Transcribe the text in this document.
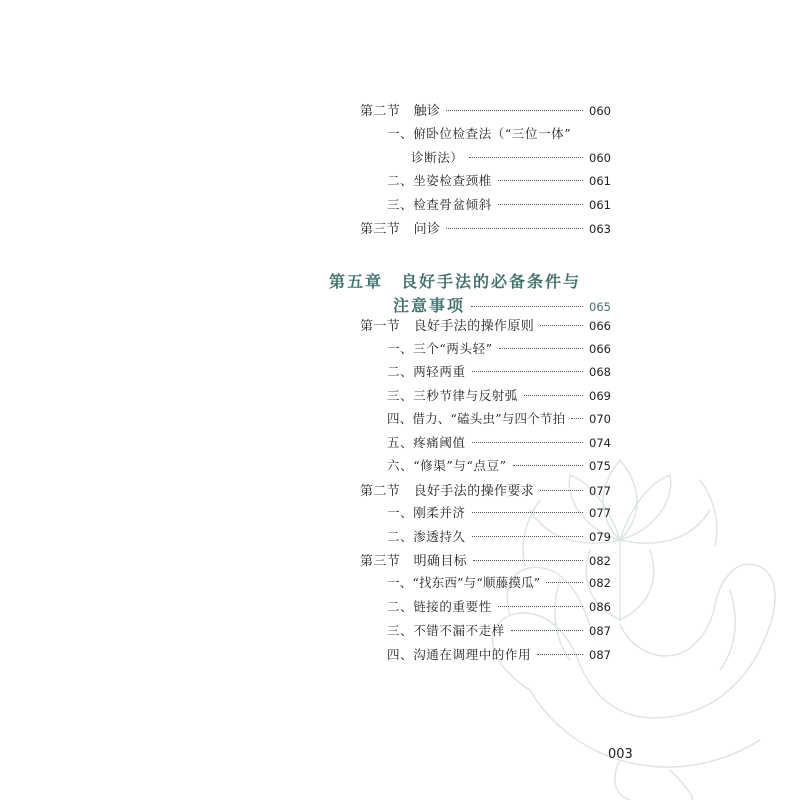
第二节　触诊	060
一、俯卧位检查法（“三位一体”
诊断法）	060
二、坐姿检查颈椎	061
三、检查骨盆倾斜	061
第三节　问诊	063
第五章　良好手法的必备条件与
注意事项	065
第一节　良好手法的操作原则	066
一、三个“两头轻”	066
二、两轻两重	068
三、三秒节律与反射弧	069
四、借力、“磕头虫”与四个节拍 070
五、疼痛阈值	074
六、“修渠”与“点豆”	075
第二节　良好手法的操作要求	077
一、刚柔并济	077
二、渗透持久	079
第三节　明确目标	082
一、“找东西”与“顺藤摸瓜”	082
二、链接的重要性	086
三、不错不漏不走样	087
四、沟通在调理中的作用	087
003
